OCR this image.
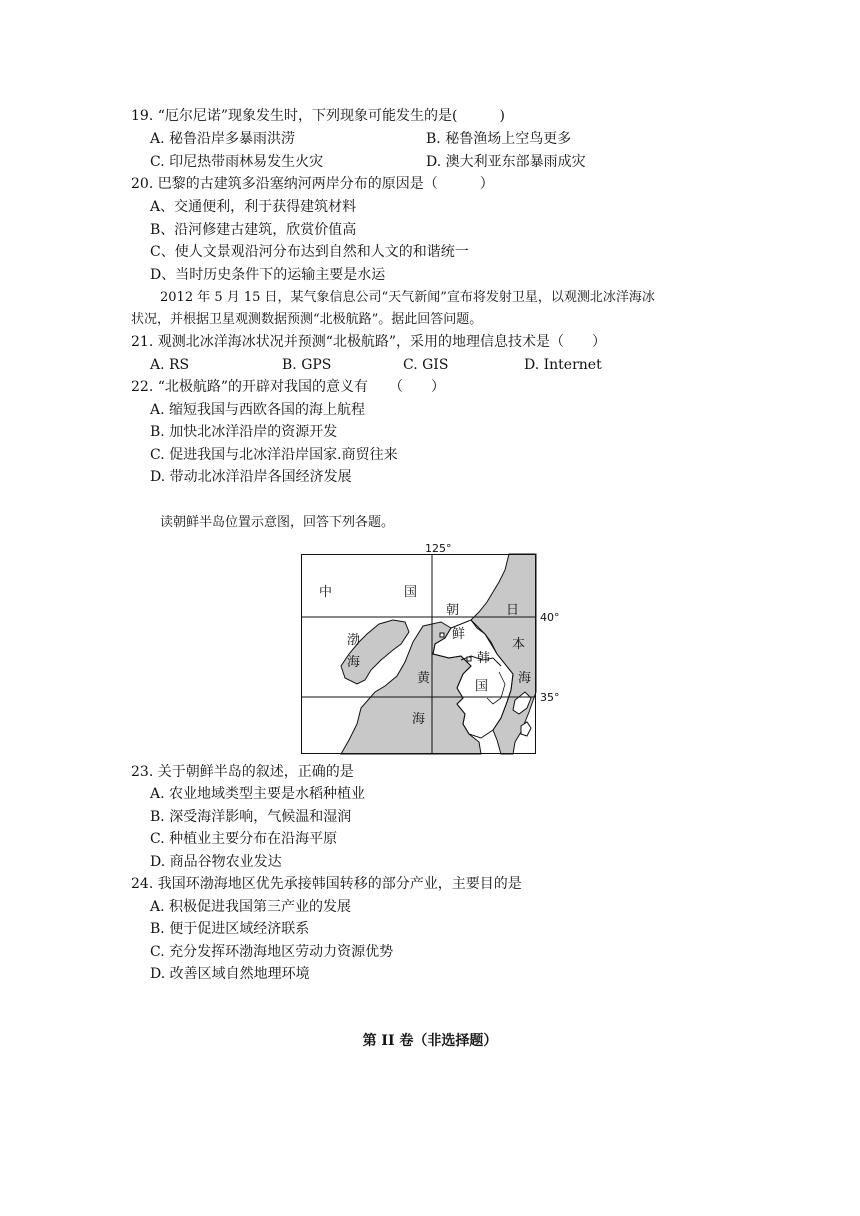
19. “厄尔尼诺”现象发生时，下列现象可能发生的是(　　　)
A. 秘鲁沿岸多暴雨洪涝	B. 秘鲁渔场上空鸟更多
C. 印尼热带雨林易发生火灾	D. 澳大利亚东部暴雨成灾
20. 巴黎的古建筑多沿塞纳河两岸分布的原因是（　　　）
A、交通便利，利于获得建筑材料
B、沿河修建古建筑，欣赏价值高
C、使人文景观沿河分布达到自然和人文的和谐统一
D、当时历史条件下的运输主要是水运
2012 年 5 月 15 日，某气象信息公司“天气新闻”宣布将发射卫星，以观测北冰洋海冰
状况，并根据卫星观测数据预测“北极航路”。据此回答问题。
21. 观测北冰洋海冰状况并预测“北极航路”，采用的地理信息技术是（　　）
A. RS	B. GPS	C. GIS	D. Internet
22. “北极航路”的开辟对我国的意义有　　（　　）
A. 缩短我国与西欧各国的海上航程
B. 加快北冰洋沿岸的资源开发
C. 促进我国与北冰洋沿岸国家.商贸往来
D. 带动北冰洋沿岸各国经济发展
读朝鲜半岛位置示意图，回答下列各题。
125°
40°
35°
中	国
朝
鲜
韩
国
日
本
海
渤
海
黄
海
23. 关于朝鲜半岛的叙述，正确的是
A. 农业地域类型主要是水稻种植业
B. 深受海洋影响，气候温和湿润
C. 种植业主要分布在沿海平原
D. 商品谷物农业发达
24. 我国环渤海地区优先承接韩国转移的部分产业，主要目的是
A. 积极促进我国第三产业的发展
B. 便于促进区域经济联系
C. 充分发挥环渤海地区劳动力资源优势
D. 改善区域自然地理环境
第 II 卷（非选择题）
